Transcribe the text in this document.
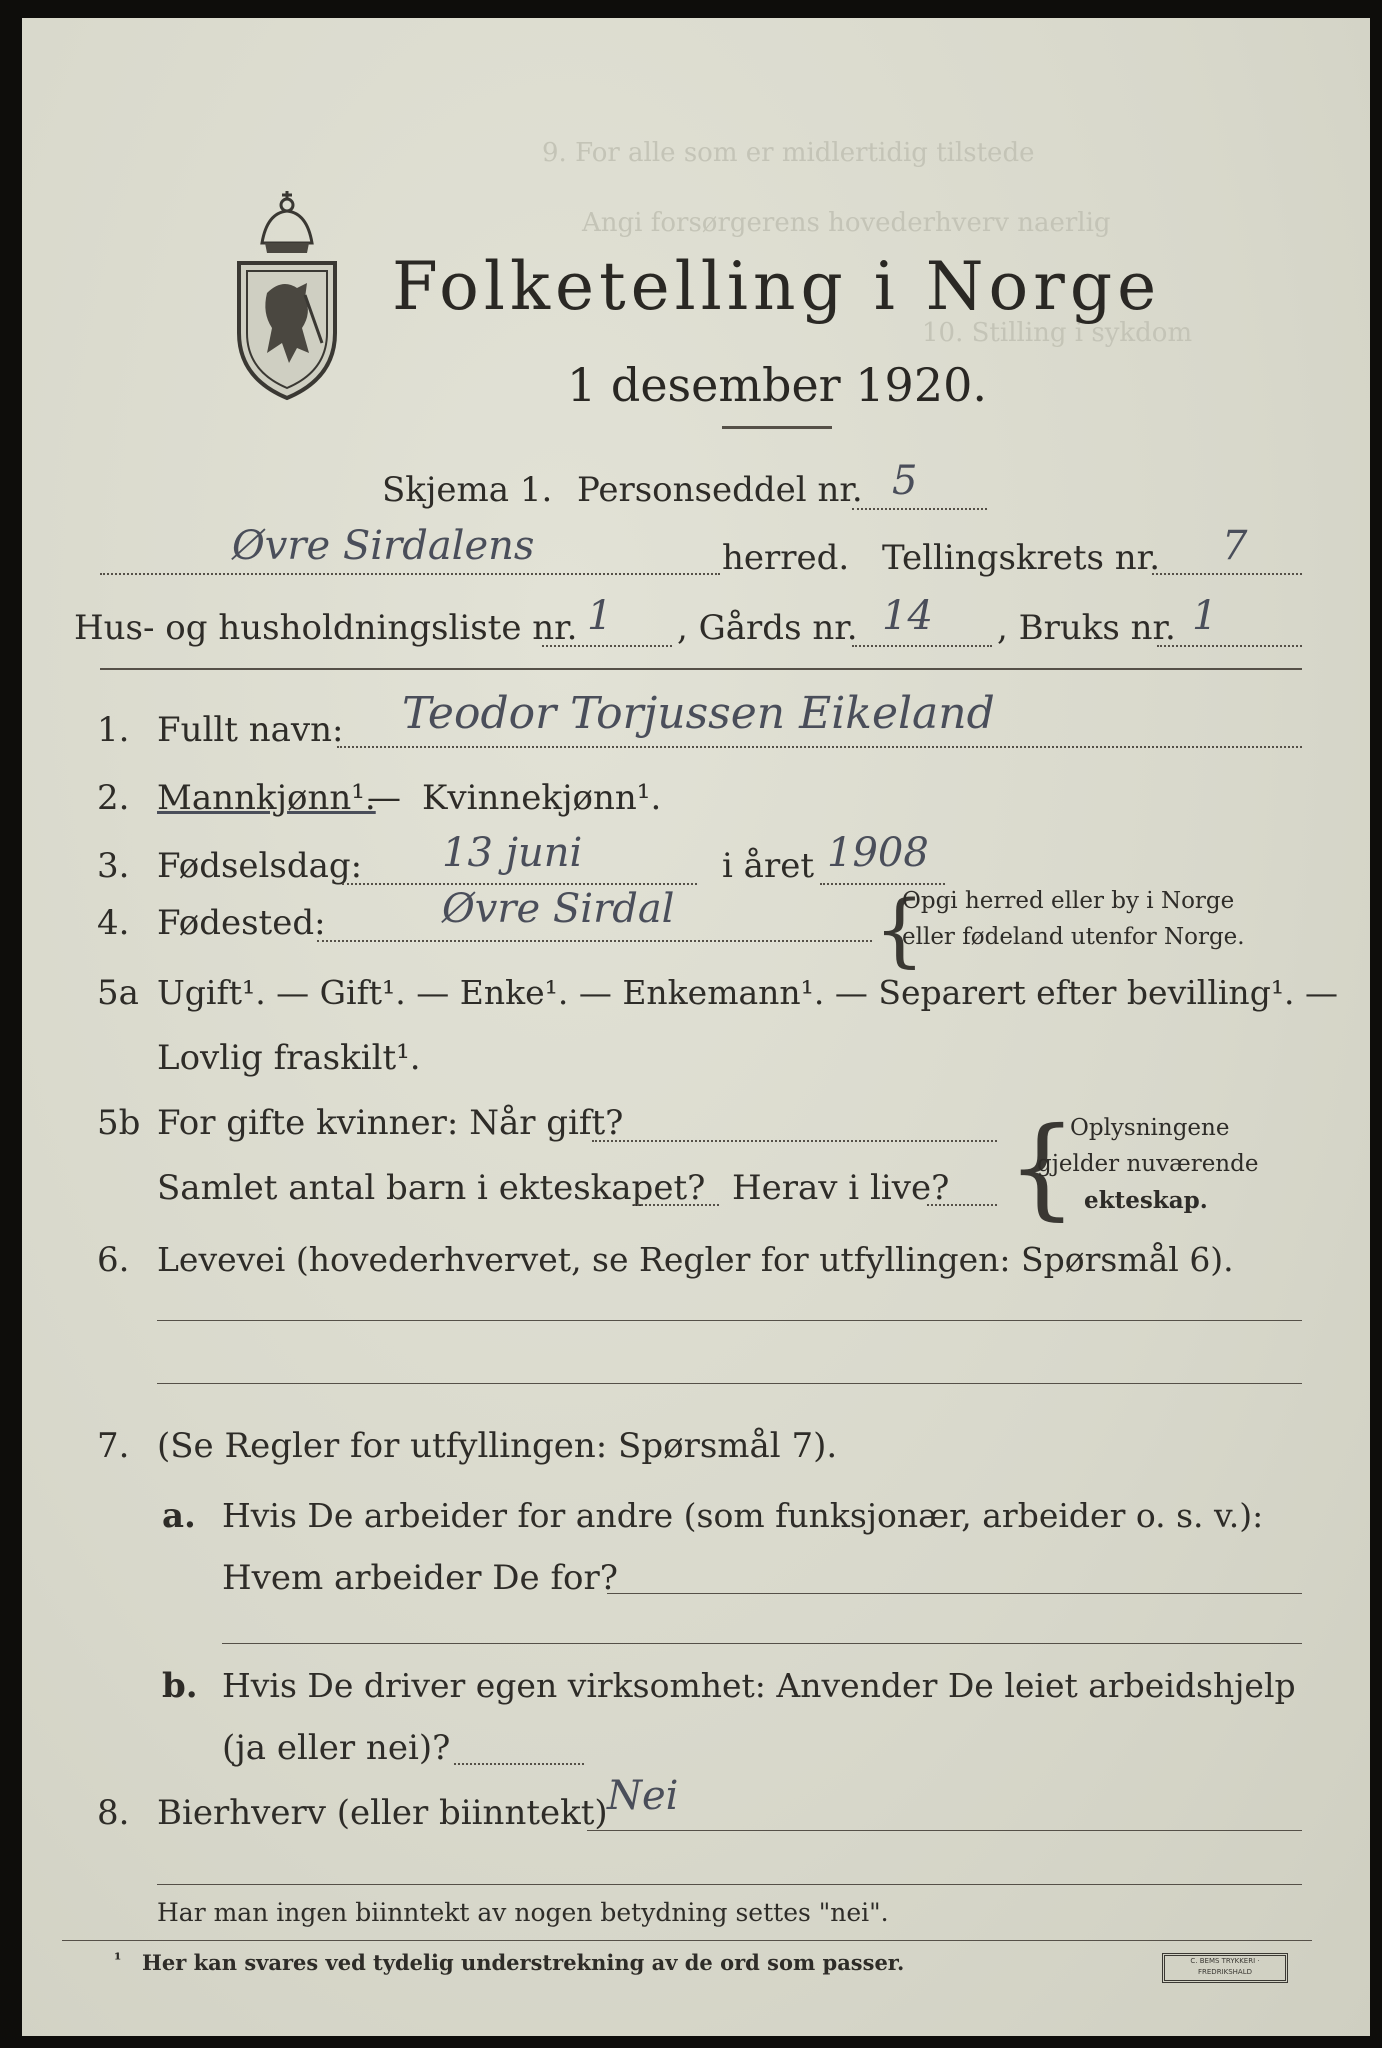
9. For alle som er midlertidig tilstede
Angi forsørgerens hovederhverv naerlig
10. Stilling i sykdom
Folketelling i Norge
1 desember 1920.
Skjema 1. Personseddel nr. 5
Øvre Sirdalens	herred. Tellingskrets nr. 7
Hus- og husholdningsliste nr. 1 , Gårds nr. 14 , Bruks nr. 1
1. Fullt navn: Teodor Torjussen Eikeland
2. Mannkjønn¹.
— Kvinnekjønn¹.
3. Fødselsdag: 13 juni	i året 1908
4. Fødested:	Øvre Sirdal {
Opgi herred eller by i Norge
eller fødeland utenfor Norge.
5a Ugift¹. — Gift¹. — Enke¹. — Enkemann¹. — Separert efter bevilling¹. —
Lovlig fraskilt¹.
5b For gifte kvinner: Når gift?
Samlet antal barn i ekteskapet? Herav i live? {
Oplysningene
gjelder nuværende
ekteskap.
6. Levevei (hovederhvervet, se Regler for utfyllingen: Spørsmål 6).
7. (Se Regler for utfyllingen: Spørsmål 7).
a. Hvis De arbeider for andre (som funksjonær, arbeider o. s. v.):
Hvem arbeider De for?
b. Hvis De driver egen virksomhet: Anvender De leiet arbeidshjelp
(ja eller nei)?
8. Bierhverv (eller biinntekt) Nei
Har man ingen biinntekt av nogen betydning settes "nei".
¹ Her kan svares ved tydelig understrekning av de ord som passer.	C. BEMS TRYKKERI · FREDRIKSHALD
